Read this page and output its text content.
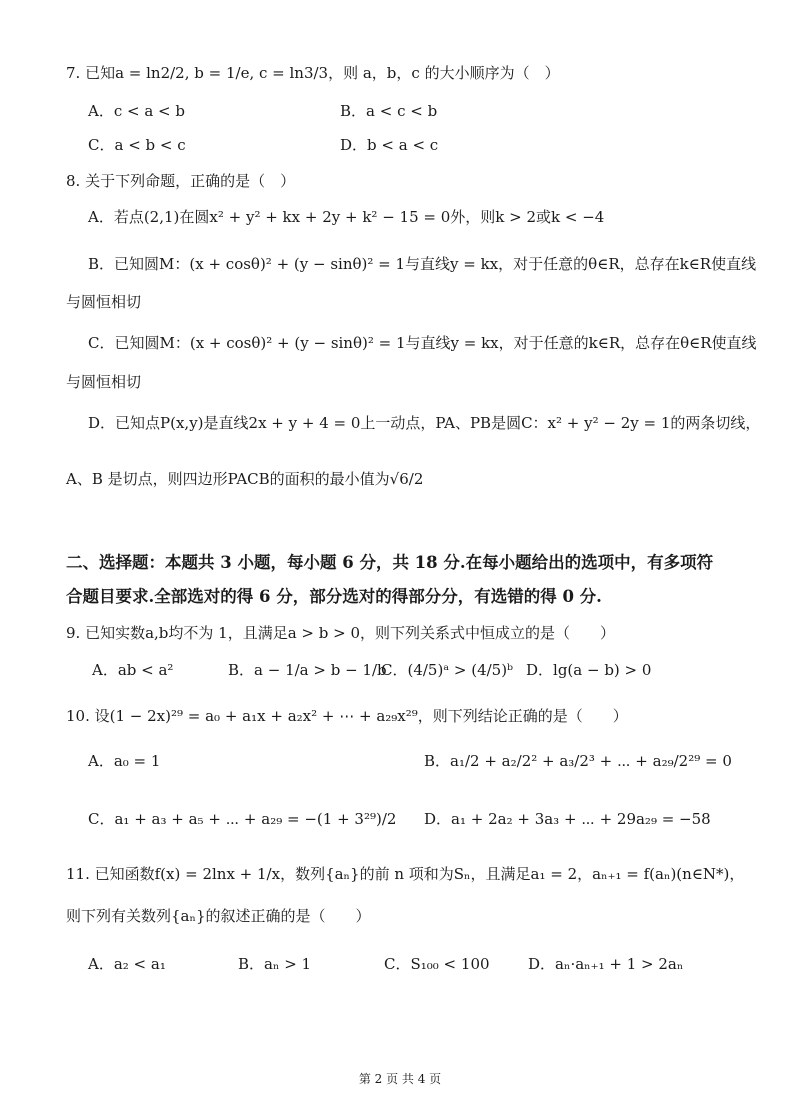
7. 已知a = ln2/2, b = 1/e, c = ln3/3，则 a，b，c 的大小顺序为（　）
A．c < a < b	B．a < c < b
C．a < b < c	D．b < a < c
8. 关于下列命题，正确的是（　）
A．若点(2,1)在圆x² + y² + kx + 2y + k² − 15 = 0外，则k > 2或k < −4
B．已知圆M：(x + cosθ)² + (y − sinθ)² = 1与直线y = kx，对于任意的θ∈R，总存在k∈R使直线
与圆恒相切
C．已知圆M：(x + cosθ)² + (y − sinθ)² = 1与直线y = kx，对于任意的k∈R，总存在θ∈R使直线
与圆恒相切
D．已知点P(x,y)是直线2x + y + 4 = 0上一动点，PA、PB是圆C：x² + y² − 2y = 1的两条切线，
A、B 是切点，则四边形PACB的面积的最小值为√6/2
二、选择题：本题共 3 小题，每小题 6 分，共 18 分.在每小题给出的选项中，有多项符
合题目要求.全部选对的得 6 分，部分选对的得部分分，有选错的得 0 分.
9. 已知实数a,b均不为 1，且满足a > b > 0，则下列关系式中恒成立的是（　　）
A．ab < a²	B．a − 1/a > b − 1/b
C．(4/5)ᵃ > (4/5)ᵇ D．lg(a − b) > 0
10. 设(1 − 2x)²⁹ = a₀ + a₁x + a₂x² + ⋯ + a₂₉x²⁹，则下列结论正确的是（　　）
A．a₀ = 1	B．a₁/2 + a₂/2² + a₃/2³ + ⋯ + a₂₉/2²⁹ = 0
C．a₁ + a₃ + a₅ + ⋯ + a₂₉ = −(1 + 3²⁹)/2 D．a₁ + 2a₂ + 3a₃ + ⋯ + 29a₂₉ = −58
11. 已知函数f(x) = 2lnx + 1/x，数列{aₙ}的前 n 项和为Sₙ，且满足a₁ = 2，aₙ₊₁ = f(aₙ)(n∈N*)，
则下列有关数列{aₙ}的叙述正确的是（　　）
A．a₂ < a₁	B．aₙ > 1	C．S₁₀₀ < 100	D．aₙ·aₙ₊₁ + 1 > 2aₙ
第 2 页 共 4 页
